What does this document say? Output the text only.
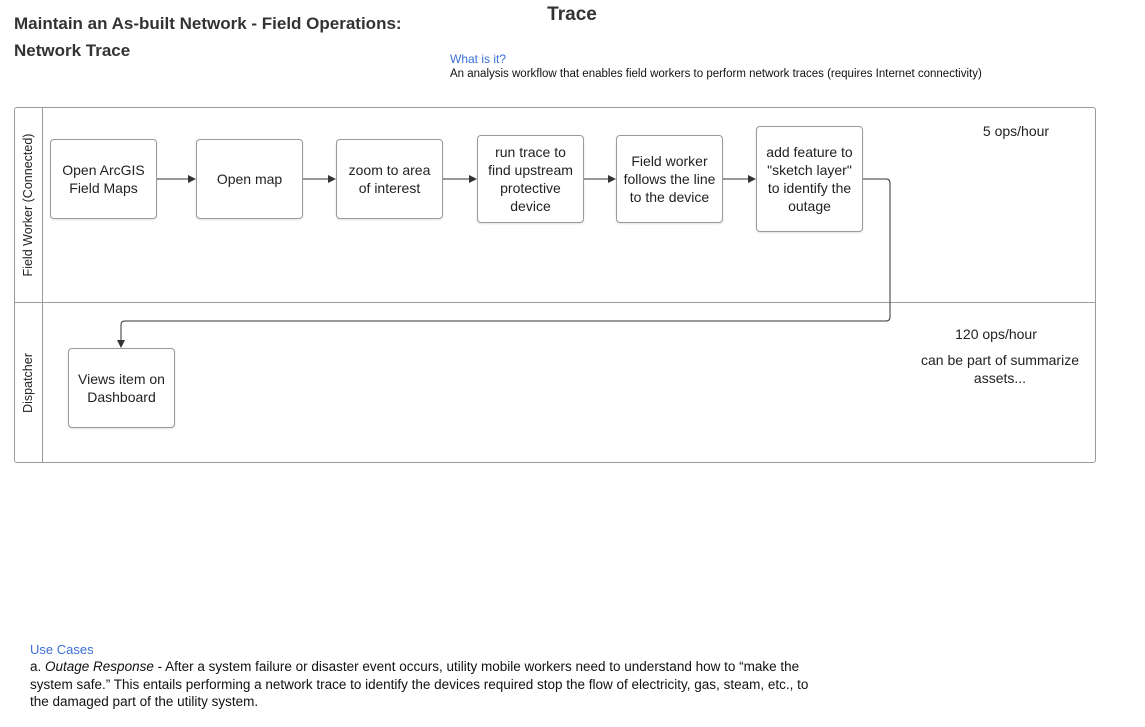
Maintain an As-built Network - Field Operations: Network Trace
Trace
What is it?
An analysis workflow that enables field workers to perform network traces (requires Internet connectivity)
Field Worker (Connected)
Dispatcher
Open ArcGIS Field Maps
Open map
zoom to area of interest
run trace to find upstream protective device
Field worker follows the line to the device
add feature to "sketch layer" to identify the outage
Views item on Dashboard
5 ops/hour
120 ops/hour
can be part of summarize assets...
Use Cases
a. Outage Response - After a system failure or disaster event occurs, utility mobile workers need to understand how to “make the system safe.” This entails performing a network trace to identify the devices required stop the flow of electricity, gas, steam, etc., to the damaged part of the utility system.
